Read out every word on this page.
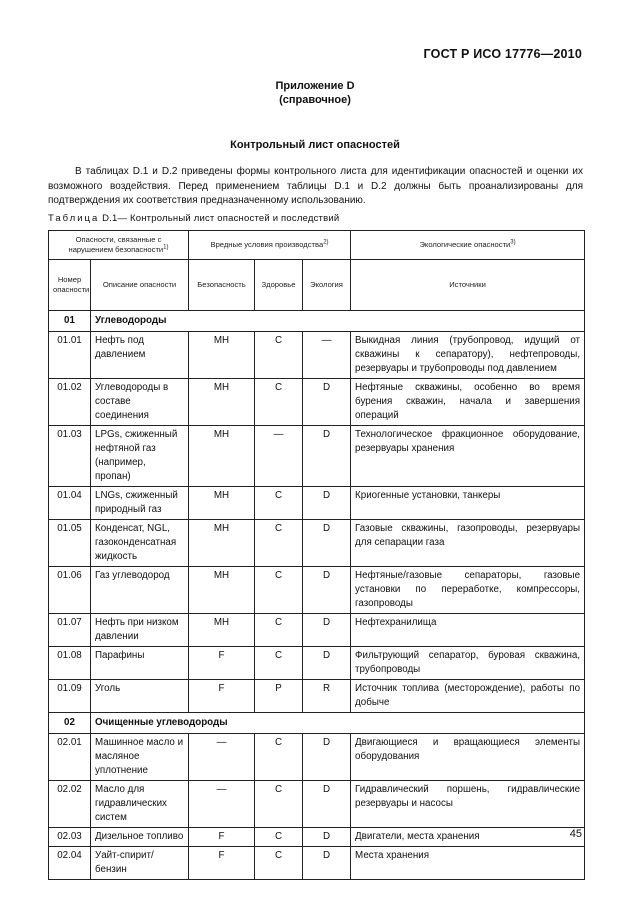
ГОСТ Р ИСО 17776—2010
Приложение D
(справочное)
Контрольный лист опасностей

В таблицах D.1 и D.2 приведены формы контрольного листа для идентификации опасностей и оценки их возможного воздействия. Перед применением таблицы D.1 и D.2 должны быть проанализированы для подтверждения их соответствия предназначенному использованию.

Таблица D.1— Контрольный лист опасностей и последствий
Опасности, связанные с нарушением безопасности$^{1)}$		Вредные условия производства$^{2)}$			Экологические опасности$^{3)}$
Номер опасности	Описание опасности	Безопасность	Здоровье	Экология	Источники
01	Углеводороды				
01.01	Нефть под давлением	МН	С	—	Выкидная линия (трубопровод, идущий от скважины к сепаратору), нефтепроводы, резервуары и трубопроводы под давлением
01.02	Углеводороды в составе соединения	МН	С	D	Нефтяные скважины, особенно во время бурения скважин, начала и завершения операций
01.03	LPGs, сжиженный нефтяной газ (например, пропан)	МН	—	D	Технологическое фракционное оборудование, резервуары хранения
01.04	LNGs, сжиженный природный газ	МН	С	D	Криогенные установки, танкеры
01.05	Конденсат, NGL, газоконденсатная жидкость	МН	С	D	Газовые скважины, газопроводы, резервуары для сепарации газа
01.06	Газ углеводород	МН	С	D	Нефтяные/газовые сепараторы, газовые установки по переработке, компрессоры, газопроводы
01.07	Нефть при низком давлении	МН	С	D	Нефтехранилища
01.08	Парафины	F	С	D	Фильтрующий сепаратор, буровая скважина, трубопроводы
01.09	Уголь	F	Р	R	Источник топлива (месторождение), работы по добыче
02	Очищенные углеводороды				
02.01	Машинное масло и масляное уплотнение	—	С	D	Двигающиеся и вращающиеся элементы оборудования
02.02	Масло для гидравлических систем	—	С	D	Гидравлический поршень, гидравлические резервуары и насосы
02.03	Дизельное топливо	F	С	D	Двигатели, места хранения
02.04	Уайт-спирит/ бензин	F	С	D	Места хранения
45
